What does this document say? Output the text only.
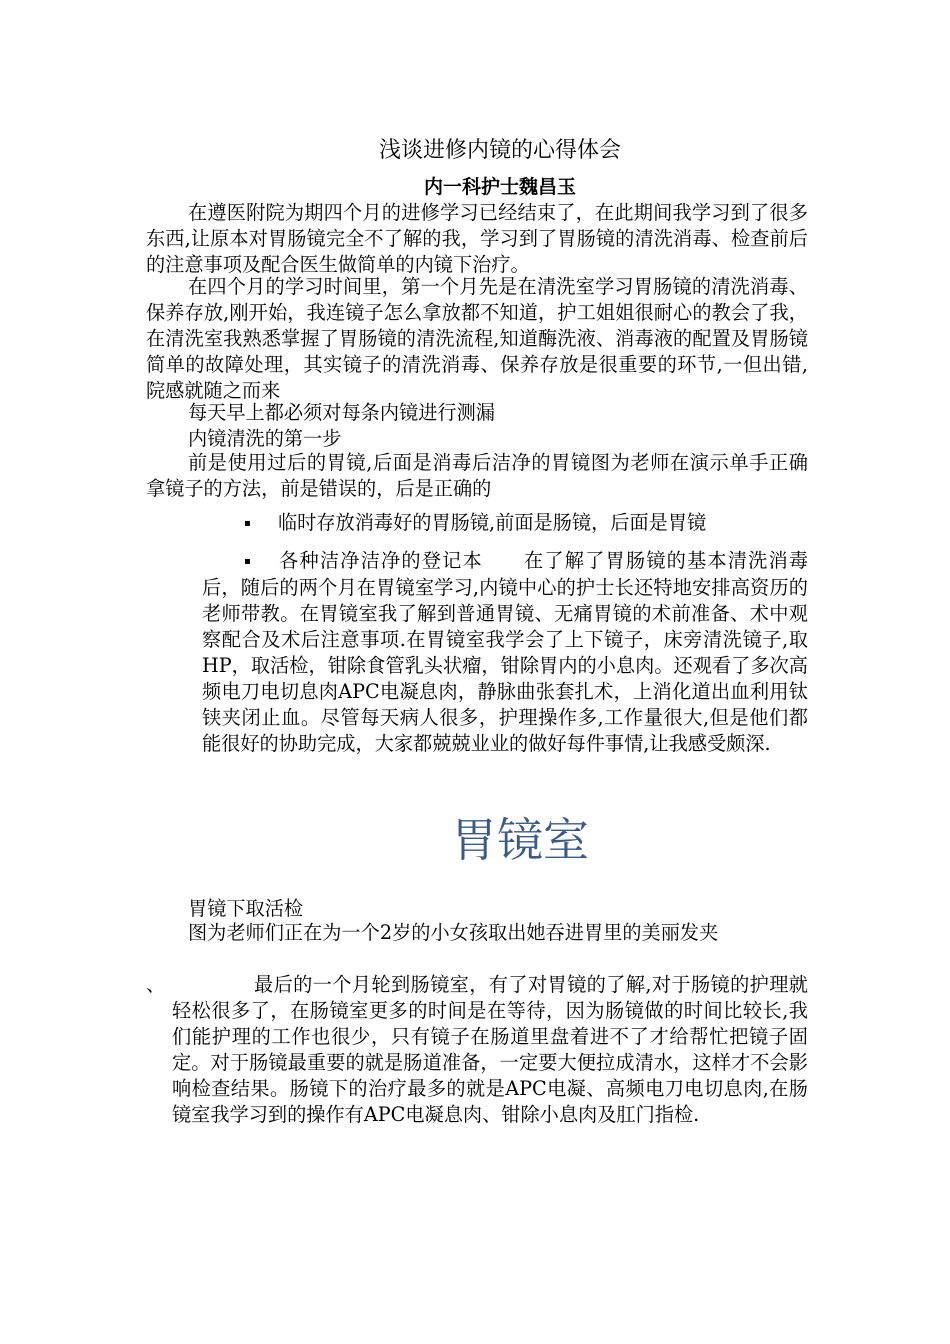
浅谈进修内镜的心得体会
内一科护士魏昌玉

在遵医附院为期四个月的进修学习已经结束了，在此期间我学习到了很多东西,让原本对胃肠镜完全不了解的我，学习到了胃肠镜的清洗消毒、检查前后的注意事项及配合医生做简单的内镜下治疗。

在四个月的学习时间里，第一个月先是在清洗室学习胃肠镜的清洗消毒、保养存放,刚开始，我连镜子怎么拿放都不知道，护工姐姐很耐心的教会了我，在清洗室我熟悉掌握了胃肠镜的清洗流程,知道酶洗液、消毒液的配置及胃肠镜简单的故障处理，其实镜子的清洗消毒、保养存放是很重要的环节,一但出错,院感就随之而来

每天早上都必须对每条内镜进行测漏

内镜清洗的第一步

前是使用过后的胃镜,后面是消毒后洁净的胃镜图为老师在演示单手正确拿镜子的方法，前是错误的，后是正确的

▪ 临时存放消毒好的胃肠镜,前面是肠镜，后面是胃镜

▪ 各种洁净洁净的登记本 在了解了胃肠镜的基本清洗消毒后，随后的两个月在胃镜室学习,内镜中心的护士长还特地安排高资历的老师带教。在胃镜室我了解到普通胃镜、无痛胃镜的术前准备、术中观察配合及术后注意事项.在胃镜室我学会了上下镜子，床旁清洗镜子,取HP，取活检，钳除食管乳头状瘤，钳除胃内的小息肉。还观看了多次高频电刀电切息肉APC电凝息肉，静脉曲张套扎术，上消化道出血利用钛铗夹闭止血。尽管每天病人很多，护理操作多,工作量很大,但是他们都能很好的协助完成，大家都兢兢业业的做好每件事情,让我感受颇深.

胃镜室

胃镜下取活检

图为老师们正在为一个2岁的小女孩取出她吞进胃里的美丽发夹

、	最后的一个月轮到肠镜室，有了对胃镜的了解,对于肠镜的护理就轻松很多了，在肠镜室更多的时间是在等待，因为肠镜做的时间比较长,我们能护理的工作也很少，只有镜子在肠道里盘着进不了才给帮忙把镜子固定。对于肠镜最重要的就是肠道准备，一定要大便拉成清水，这样才不会影响检查结果。肠镜下的治疗最多的就是APC电凝、高频电刀电切息肉,在肠镜室我学习到的操作有APC电凝息肉、钳除小息肉及肛门指检.
